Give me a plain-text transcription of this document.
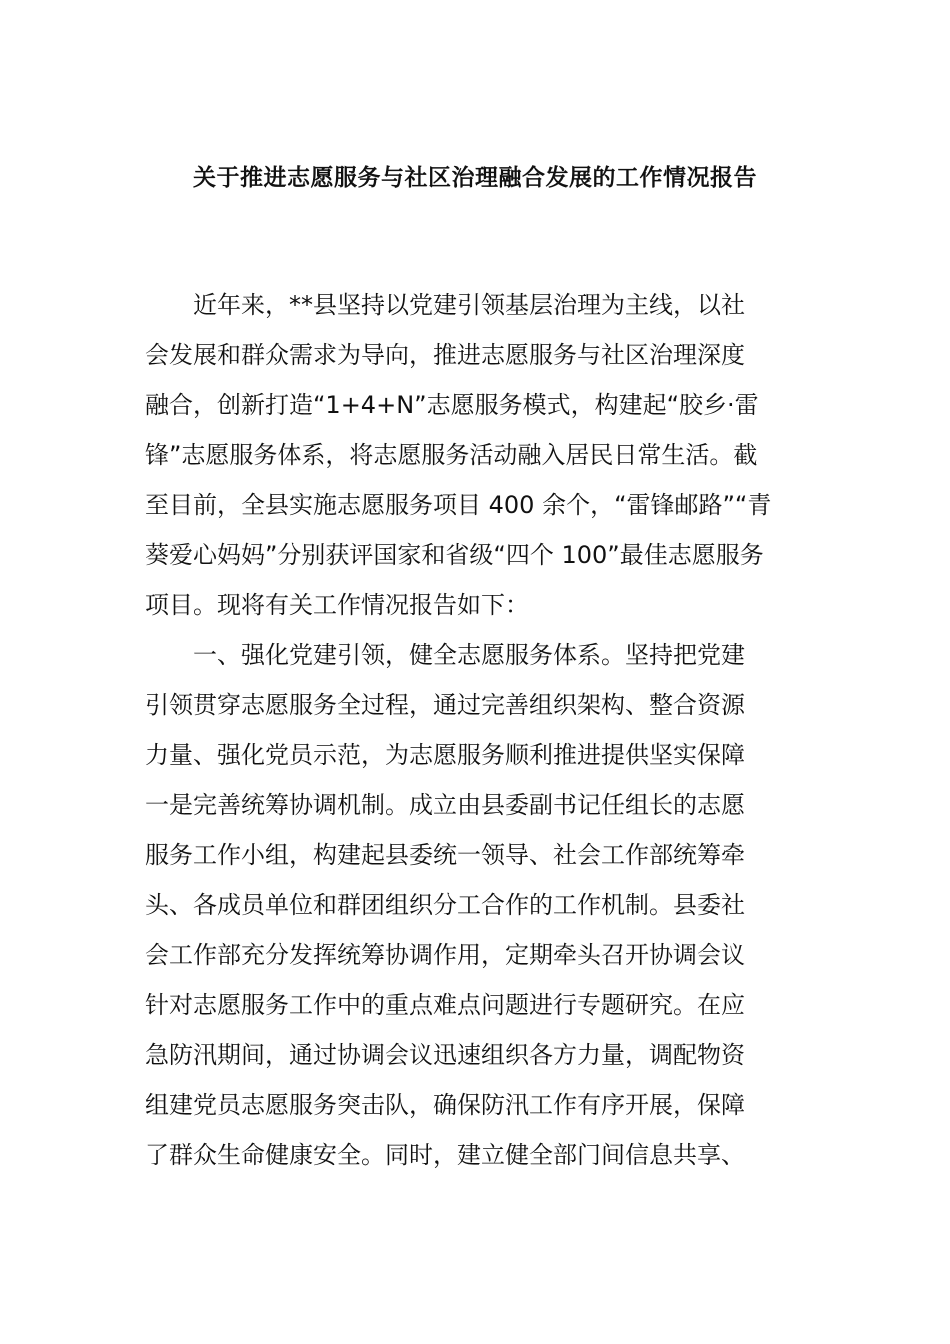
关于推进志愿服务与社区治理融合发展的工作情况报告
近年来，**县坚持以党建引领基层治理为主线，以社
会发展和群众需求为导向，推进志愿服务与社区治理深度
融合，创新打造“1+4+N”志愿服务模式，构建起“胶乡·雷
锋”志愿服务体系，将志愿服务活动融入居民日常生活。截
至目前，全县实施志愿服务项目 400 余个，“雷锋邮路”“青
葵爱心妈妈”分别获评国家和省级“四个 100”最佳志愿服务
项目。现将有关工作情况报告如下：
一、强化党建引领，健全志愿服务体系。坚持把党建
引领贯穿志愿服务全过程，通过完善组织架构、整合资源
力量、强化党员示范，为志愿服务顺利推进提供坚实保障
一是完善统筹协调机制。成立由县委副书记任组长的志愿
服务工作小组，构建起县委统一领导、社会工作部统筹牵
头、各成员单位和群团组织分工合作的工作机制。县委社
会工作部充分发挥统筹协调作用，定期牵头召开协调会议
针对志愿服务工作中的重点难点问题进行专题研究。在应
急防汛期间，通过协调会议迅速组织各方力量，调配物资
组建党员志愿服务突击队，确保防汛工作有序开展，保障
了群众生命健康安全。同时，建立健全部门间信息共享、
